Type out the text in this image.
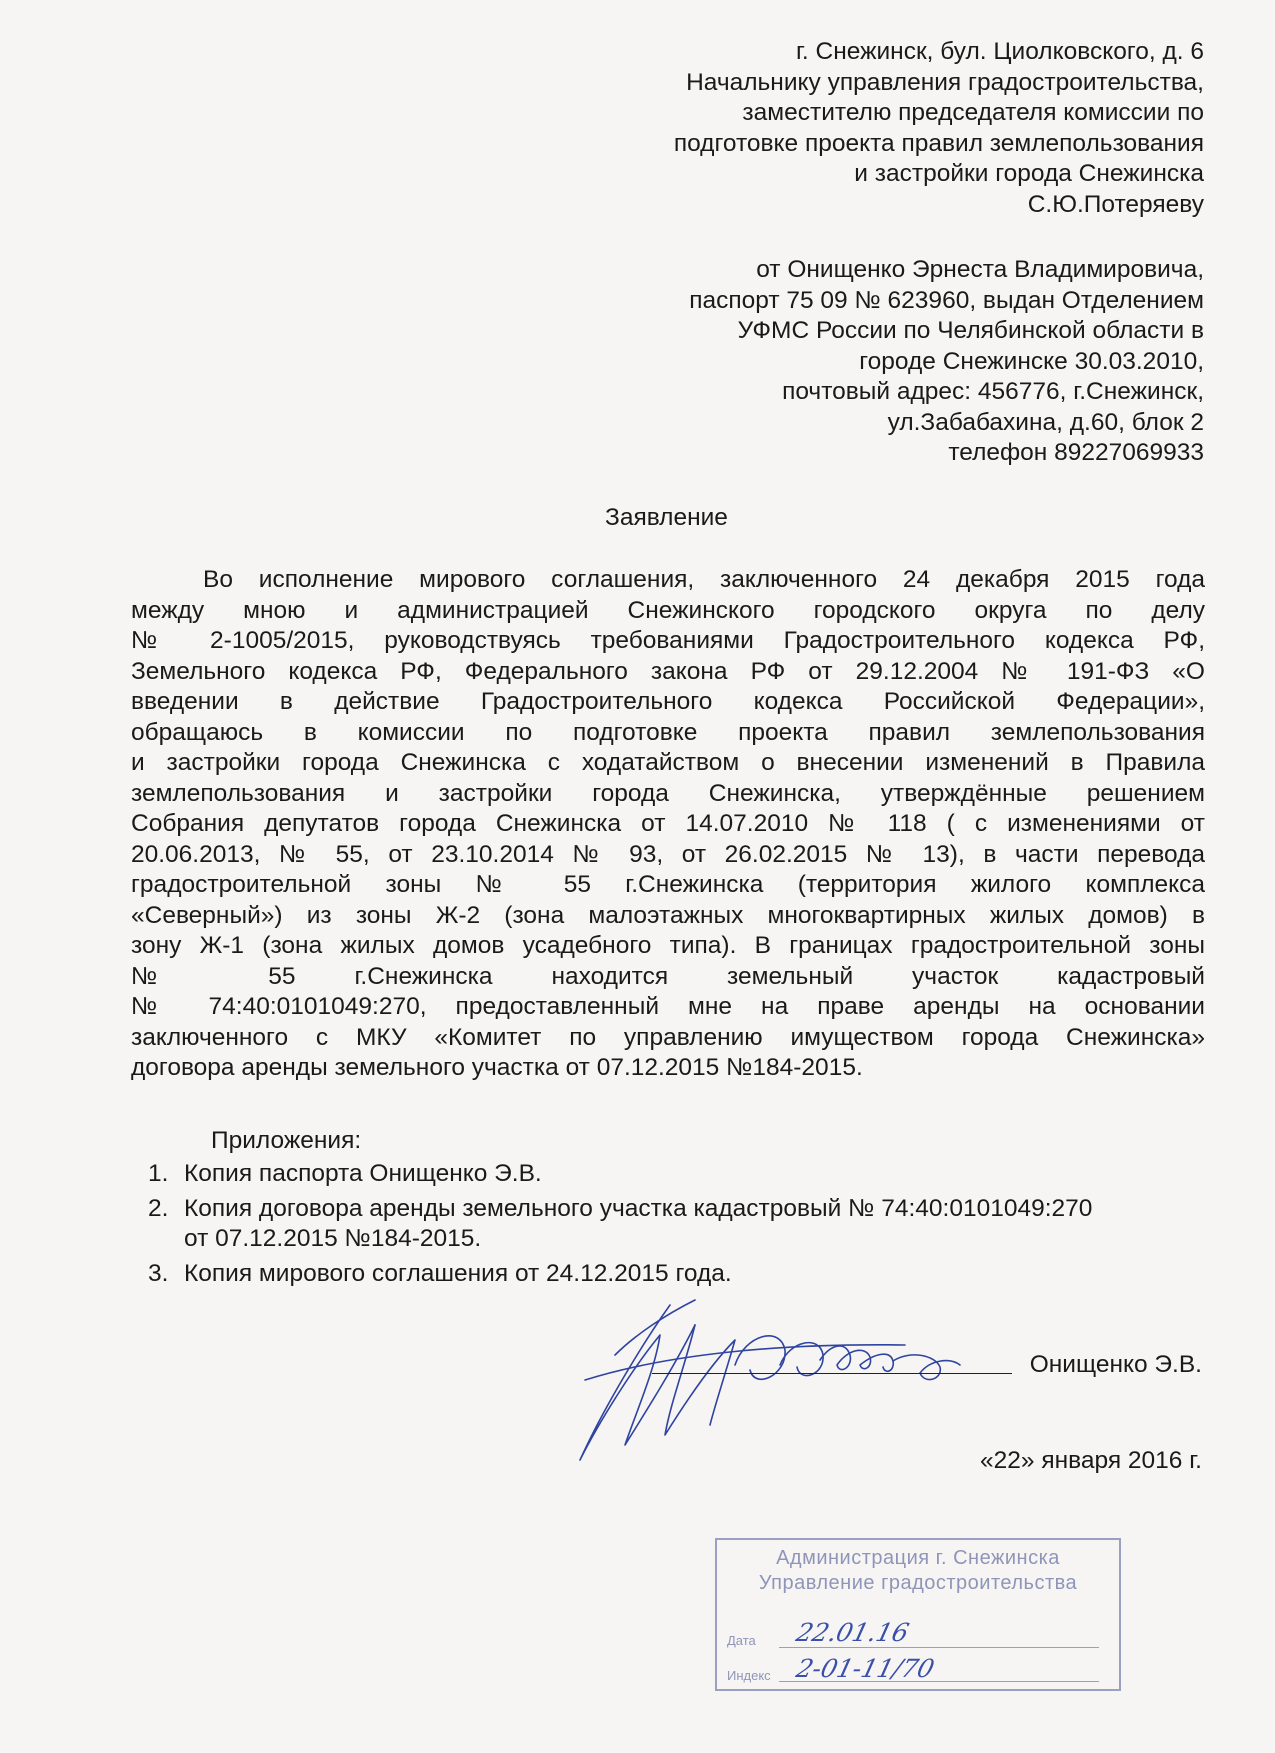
г. Снежинск, бул. Циолковского, д. 6
Начальнику управления градостроительства,
заместителю председателя комиссии по
подготовке проекта правил землепользования
и застройки города Снежинска
С.Ю.Потеряеву
от Онищенко Эрнеста Владимировича,
паспорт 75 09 № 623960, выдан Отделением
УФМС России по Челябинской области в
городе Снежинске 30.03.2010,
почтовый адрес: 456776, г.Снежинск,
ул.Забабахина, д.60, блок 2
телефон 89227069933
Заявление
Во исполнение мирового соглашения, заключенного 24 декабря 2015 года
между мною и администрацией Снежинского городского округа по делу
№ 2-1005/2015, руководствуясь требованиями Градостроительного кодекса РФ,
Земельного кодекса РФ, Федерального закона РФ от 29.12.2004 № 191-ФЗ «О
введении в действие Градостроительного кодекса Российской Федерации»,
обращаюсь в комиссии по подготовке проекта правил землепользования
и застройки города Снежинска с ходатайством о внесении изменений в Правила
землепользования и застройки города Снежинска, утверждённые решением
Собрания депутатов города Снежинска от 14.07.2010 № 118 ( с изменениями от
20.06.2013, № 55, от 23.10.2014 № 93, от 26.02.2015 № 13), в части перевода
градостроительной зоны № 55 г.Снежинска (территория жилого комплекса
«Северный») из зоны Ж-2 (зона малоэтажных многоквартирных жилых домов) в
зону Ж-1 (зона жилых домов усадебного типа). В границах градостроительной зоны
№ 55 г.Снежинска находится земельный участок кадастровый
№ 74:40:0101049:270, предоставленный мне на праве аренды на основании
заключенного с МКУ «Комитет по управлению имуществом города Снежинска»
договора аренды земельного участка от 07.12.2015 №184-2015.
Приложения:
1. Копия паспорта Онищенко Э.В.
2. Копия договора аренды земельного участка кадастровый № 74:40:0101049:270
от 07.12.2015 №184-2015.
3. Копия мирового соглашения от 24.12.2015 года.
Онищенко Э.В.
«22» января 2016 г.
Администрация г. Снежинска
Управление градостроительства
Дата 22.01.16
Индекс 2-01-11/70
